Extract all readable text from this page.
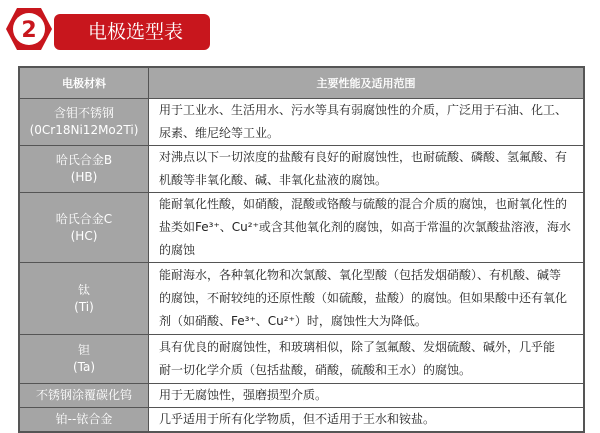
2	电极选型表
电极材料	主要性能及适用范围

含钼不锈钢
(0Cr18Ni12Mo2Ti)	用于工业水、生活用水、污水等具有弱腐蚀性的介质，广泛用于石油、化工、
尿素、维尼纶等工业。

哈氏合金B
(HB)	对沸点以下一切浓度的盐酸有良好的耐腐蚀性，也耐硫酸、磷酸、氢氟酸、有
机酸等非氧化酸、碱、非氧化盐液的腐蚀。

哈氏合金C
(HC)	能耐氧化性酸，如硝酸，混酸或铬酸与硫酸的混合介质的腐蚀，也耐氧化性的
盐类如Fe³⁺、Cu²⁺或含其他氧化剂的腐蚀，如高于常温的次氯酸盐溶液，海水
的腐蚀

钛
(Ti)	能耐海水，各种氧化物和次氯酸、氧化型酸（包括发烟硝酸）、有机酸、碱等
的腐蚀，不耐较纯的还原性酸（如硫酸，盐酸）的腐蚀。但如果酸中还有氧化
剂（如硝酸、Fe³⁺、Cu²⁺）时，腐蚀性大为降低。

钽
(Ta)	具有优良的耐腐蚀性，和玻璃相似，除了氢氟酸、发烟硫酸、碱外，几乎能
耐一切化学介质（包括盐酸，硝酸，硫酸和王水）的腐蚀。

不锈钢涂覆碳化钨	用于无腐蚀性，强磨损型介质。

铂--铱合金	几乎适用于所有化学物质，但不适用于王水和铵盐。
